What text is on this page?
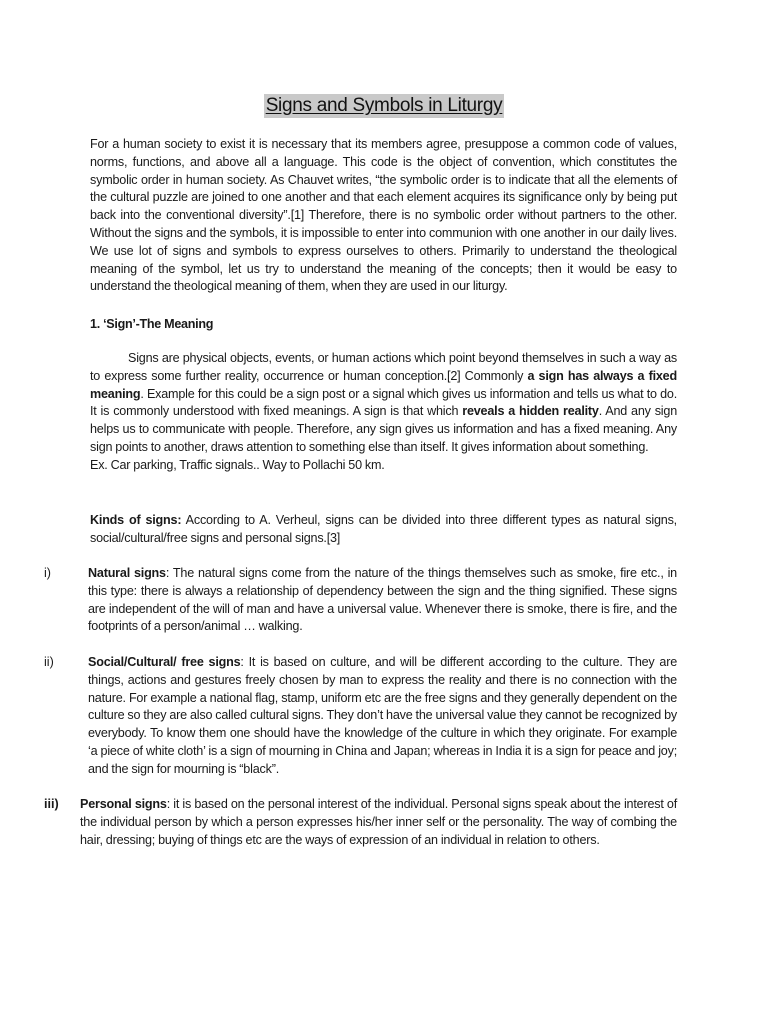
Signs and Symbols in Liturgy
For a human society to exist it is necessary that its members agree, presuppose a common code of values, norms, functions, and above all a language. This code is the object of convention, which constitutes the symbolic order in human society. As Chauvet writes, “the symbolic order is to indicate that all the elements of the cultural puzzle are joined to one another and that each element acquires its significance only by being put back into the conventional diversity”.[1] Therefore, there is no symbolic order without partners to the other. Without the signs and the symbols, it is impossible to enter into communion with one another in our daily lives. We use lot of signs and symbols to express ourselves to others. Primarily to understand the theological meaning of the symbol, let us try to understand the meaning of the concepts; then it would be easy to understand the theological meaning of them, when they are used in our liturgy.
1. ‘Sign’-The Meaning
Signs are physical objects, events, or human actions which point beyond themselves in such a way as to express some further reality, occurrence or human conception.[2] Commonly a sign has always a fixed meaning. Example for this could be a sign post or a signal which gives us information and tells us what to do. It is commonly understood with fixed meanings. A sign is that which reveals a hidden reality. And any sign helps us to communicate with people. Therefore, any sign gives us information and has a fixed meaning. Any sign points to another, draws attention to something else than itself. It gives information about something.
Ex. Car parking, Traffic signals.. Way to Pollachi 50 km.
Kinds of signs: According to A. Verheul, signs can be divided into three different types as natural signs, social/cultural/free signs and personal signs.[3]
i)	Natural signs: The natural signs come from the nature of the things themselves such as smoke, fire etc., in this type: there is always a relationship of dependency between the sign and the thing signified. These signs are independent of the will of man and have a universal value. Whenever there is smoke, there is fire, and the footprints of a person/animal … walking.
ii)	Social/Cultural/ free signs: It is based on culture, and will be different according to the culture. They are things, actions and gestures freely chosen by man to express the reality and there is no connection with the nature. For example a national flag, stamp, uniform etc are the free signs and they generally dependent on the culture so they are also called cultural signs. They don’t have the universal value they cannot be recognized by everybody. To know them one should have the knowledge of the culture in which they originate. For example ‘a piece of white cloth’ is a sign of mourning in China and Japan; whereas in India it is a sign for peace and joy; and the sign for mourning is “black”.
iii) Personal signs: it is based on the personal interest of the individual. Personal signs speak about the interest of the individual person by which a person expresses his/her inner self or the personality. The way of combing the hair, dressing; buying of things etc are the ways of expression of an individual in relation to others.
